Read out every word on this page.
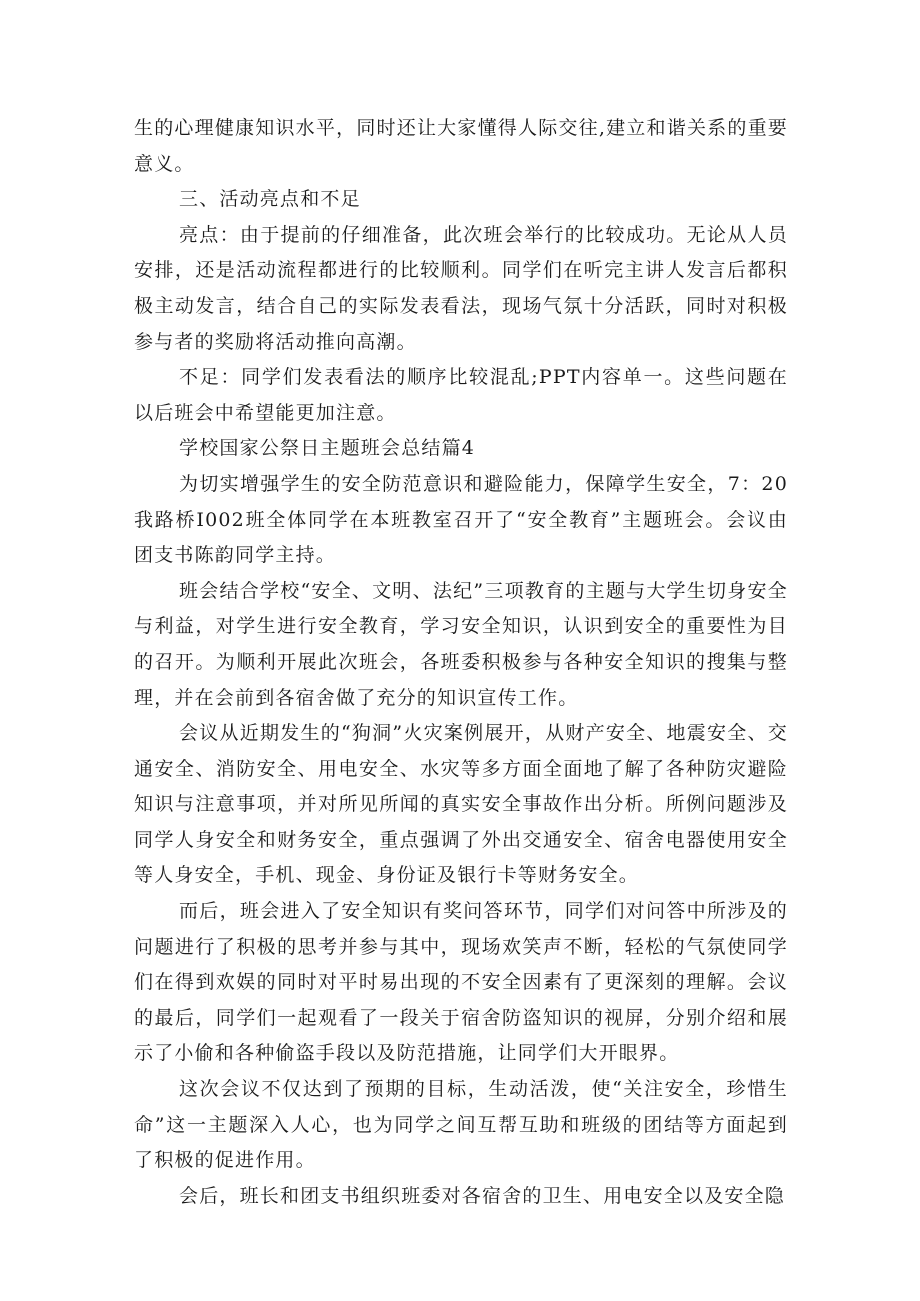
生的心理健康知识水平，同时还让大家懂得人际交往,建立和谐关系的重要意义。

三、活动亮点和不足

亮点：由于提前的仔细准备，此次班会举行的比较成功。无论从人员安排，还是活动流程都进行的比较顺利。同学们在听完主讲人发言后都积极主动发言，结合自己的实际发表看法，现场气氛十分活跃，同时对积极参与者的奖励将活动推向高潮。

不足：同学们发表看法的顺序比较混乱;PPT内容单一。这些问题在以后班会中希望能更加注意。

学校国家公祭日主题班会总结篇4

为切实增强学生的安全防范意识和避险能力，保障学生安全，7：20我路桥I002班全体同学在本班教室召开了“安全教育”主题班会。会议由团支书陈韵同学主持。

班会结合学校“安全、文明、法纪”三项教育的主题与大学生切身安全与利益，对学生进行安全教育，学习安全知识，认识到安全的重要性为目的召开。为顺利开展此次班会，各班委积极参与各种安全知识的搜集与整理，并在会前到各宿舍做了充分的知识宣传工作。

会议从近期发生的“狗洞”火灾案例展开，从财产安全、地震安全、交通安全、消防安全、用电安全、水灾等多方面全面地了解了各种防灾避险知识与注意事项，并对所见所闻的真实安全事故作出分析。所例问题涉及同学人身安全和财务安全，重点强调了外出交通安全、宿舍电器使用安全等人身安全，手机、现金、身份证及银行卡等财务安全。

而后，班会进入了安全知识有奖问答环节，同学们对问答中所涉及的问题进行了积极的思考并参与其中，现场欢笑声不断，轻松的气氛使同学们在得到欢娱的同时对平时易出现的不安全因素有了更深刻的理解。会议的最后，同学们一起观看了一段关于宿舍防盗知识的视屏，分别介绍和展示了小偷和各种偷盗手段以及防范措施，让同学们大开眼界。

这次会议不仅达到了预期的目标，生动活泼，使“关注安全，珍惜生命”这一主题深入人心，也为同学之间互帮互助和班级的团结等方面起到了积极的促进作用。

会后，班长和团支书组织班委对各宿舍的卫生、用电安全以及安全隐
